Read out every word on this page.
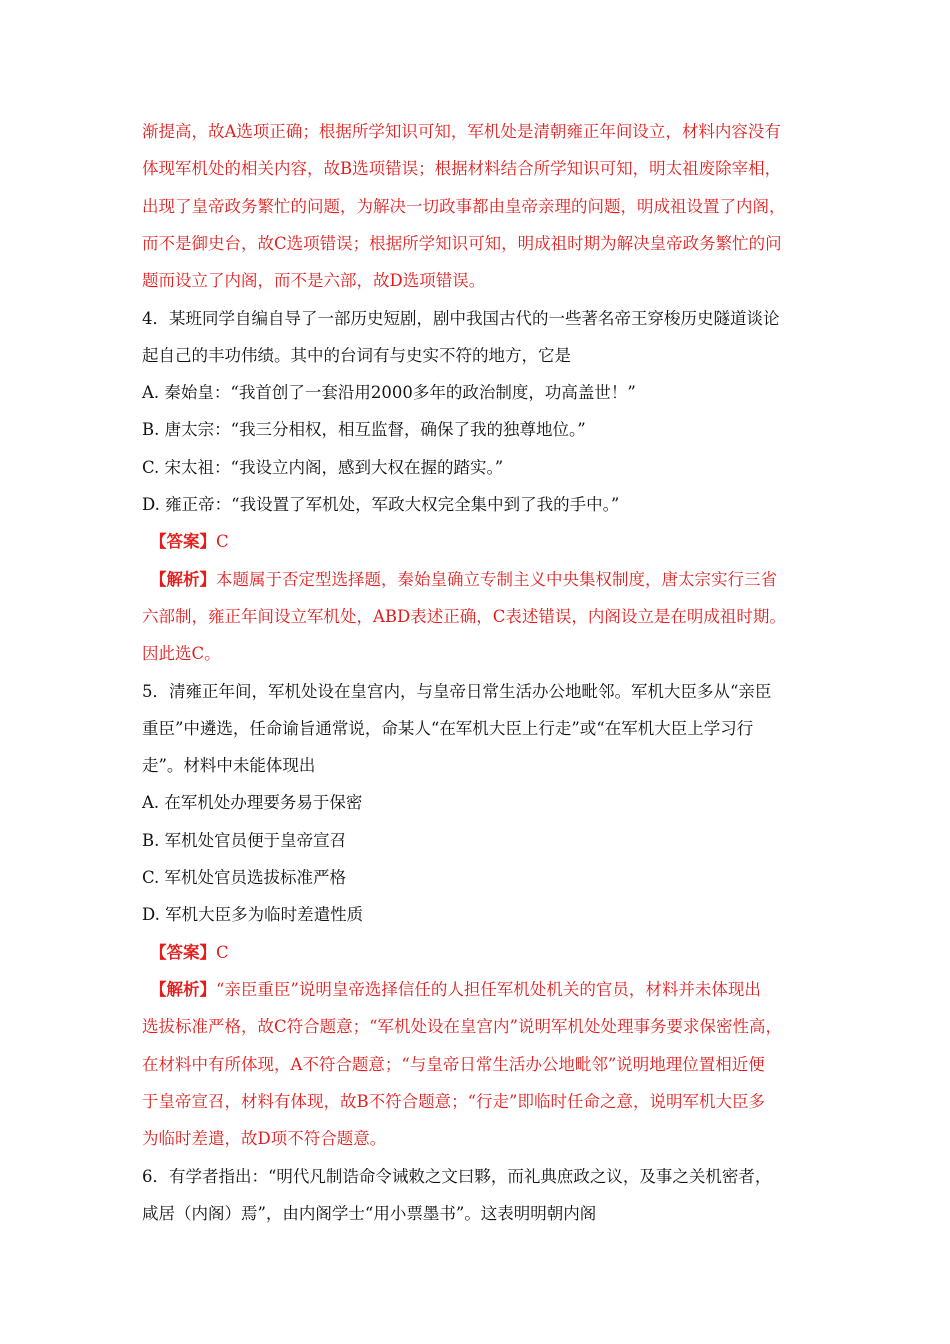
渐提高，故A选项正确；根据所学知识可知，军机处是清朝雍正年间设立，材料内容没有
体现军机处的相关内容，故B选项错误；根据材料结合所学知识可知，明太祖废除宰相，
出现了皇帝政务繁忙的问题，为解决一切政事都由皇帝亲理的问题，明成祖设置了内阁，
而不是御史台，故C选项错误；根据所学知识可知，明成祖时期为解决皇帝政务繁忙的问
题而设立了内阁，而不是六部，故D选项错误。
4．某班同学自编自导了一部历史短剧，剧中我国古代的一些著名帝王穿梭历史隧道谈论
起自己的丰功伟绩。其中的台词有与史实不符的地方，它是
A. 秦始皇：“我首创了一套沿用2000多年的政治制度，功高盖世！”
B. 唐太宗：“我三分相权，相互监督，确保了我的独尊地位。”
C. 宋太祖：“我设立内阁，感到大权在握的踏实。”
D. 雍正帝：“我设置了军机处，军政大权完全集中到了我的手中。”
【答案】C
【解析】本题属于否定型选择题，秦始皇确立专制主义中央集权制度，唐太宗实行三省
六部制，雍正年间设立军机处，ABD表述正确，C表述错误，内阁设立是在明成祖时期。
因此选C。
5．清雍正年间，军机处设在皇宫内，与皇帝日常生活办公地毗邻。军机大臣多从“亲臣
重臣”中遴选，任命谕旨通常说，命某人“在军机大臣上行走”或“在军机大臣上学习行
走”。材料中未能体现出
A. 在军机处办理要务易于保密
B. 军机处官员便于皇帝宣召
C. 军机处官员选拔标准严格
D. 军机大臣多为临时差遣性质
【答案】C
【解析】“亲臣重臣”说明皇帝选择信任的人担任军机处机关的官员，材料并未体现出
选拔标准严格，故C符合题意；“军机处设在皇宫内”说明军机处处理事务要求保密性高，
在材料中有所体现，A不符合题意；“与皇帝日常生活办公地毗邻”说明地理位置相近便
于皇帝宣召，材料有体现，故B不符合题意；“行走”即临时任命之意，说明军机大臣多
为临时差遣，故D项不符合题意。
6．有学者指出：“明代凡制诰命令诫敕之文曰夥，而礼典庶政之议，及事之关机密者，
咸居（内阁）焉”，由内阁学士“用小票墨书”。这表明明朝内阁
